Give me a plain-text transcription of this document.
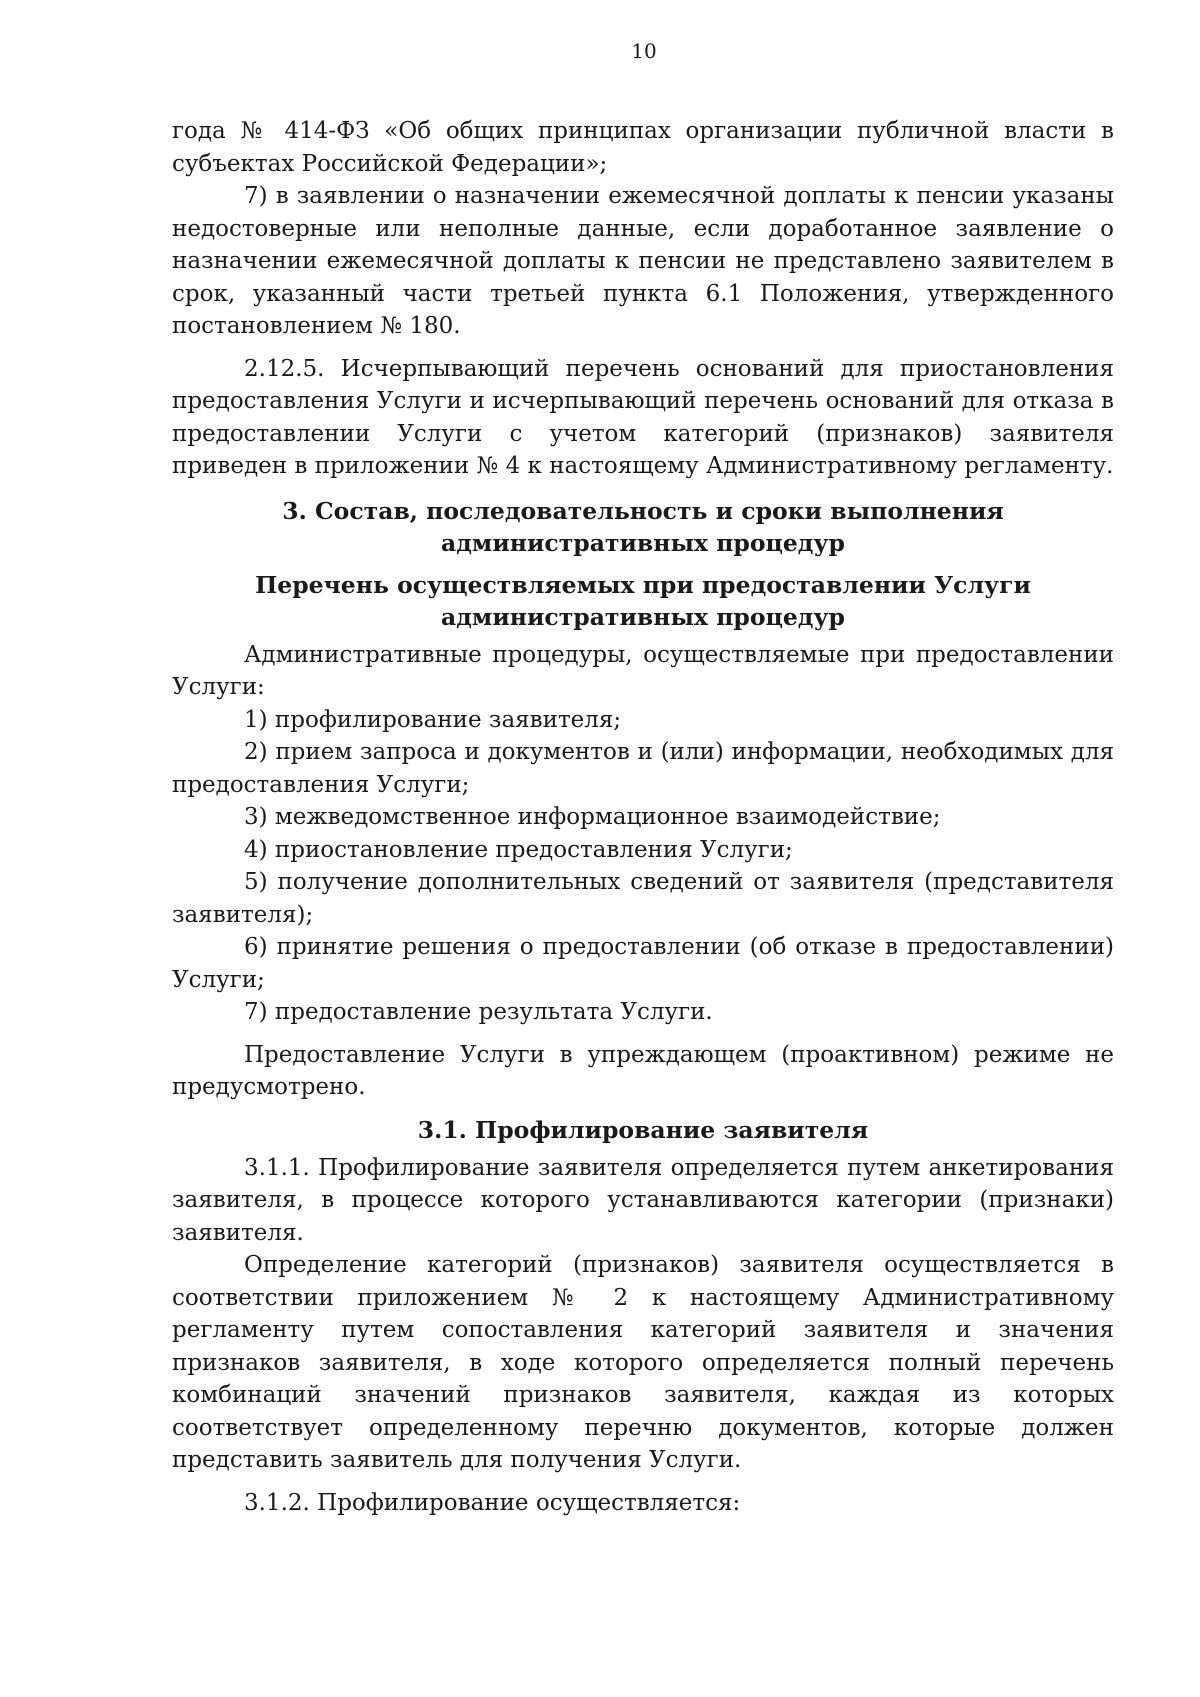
10

года № 414-ФЗ «Об общих принципах организации публичной власти в субъектах Российской Федерации»;

7) в заявлении о назначении ежемесячной доплаты к пенсии указаны недостоверные или неполные данные, если доработанное заявление о назначении ежемесячной доплаты к пенсии не представлено заявителем в срок, указанный части третьей пункта 6.1 Положения, утвержденного постановлением № 180.

2.12.5. Исчерпывающий перечень оснований для приостановления предоставления Услуги и исчерпывающий перечень оснований для отказа в предоставлении Услуги с учетом категорий (признаков) заявителя приведен в приложении № 4 к настоящему Административному регламенту.

3. Состав, последовательность и сроки выполнения административных процедур
Перечень осуществляемых при предоставлении Услуги административных процедур

Административные процедуры, осуществляемые при предоставлении Услуги:

1) профилирование заявителя;

2) прием запроса и документов и (или) информации, необходимых для предоставления Услуги;

3) межведомственное информационное взаимодействие;

4) приостановление предоставления Услуги;

5) получение дополнительных сведений от заявителя (представителя заявителя);

6) принятие решения о предоставлении (об отказе в предоставлении) Услуги;

7) предоставление результата Услуги.

Предоставление Услуги в упреждающем (проактивном) режиме не предусмотрено.

3.1. Профилирование заявителя

3.1.1. Профилирование заявителя определяется путем анкетирования заявителя, в процессе которого устанавливаются категории (признаки) заявителя.

Определение категорий (признаков) заявителя осуществляется в соответствии приложением № 2 к настоящему Административному регламенту путем сопоставления категорий заявителя и значения признаков заявителя, в ходе которого определяется полный перечень комбинаций значений признаков заявителя, каждая из которых соответствует определенному перечню документов, которые должен представить заявитель для получения Услуги.

3.1.2. Профилирование осуществляется:
